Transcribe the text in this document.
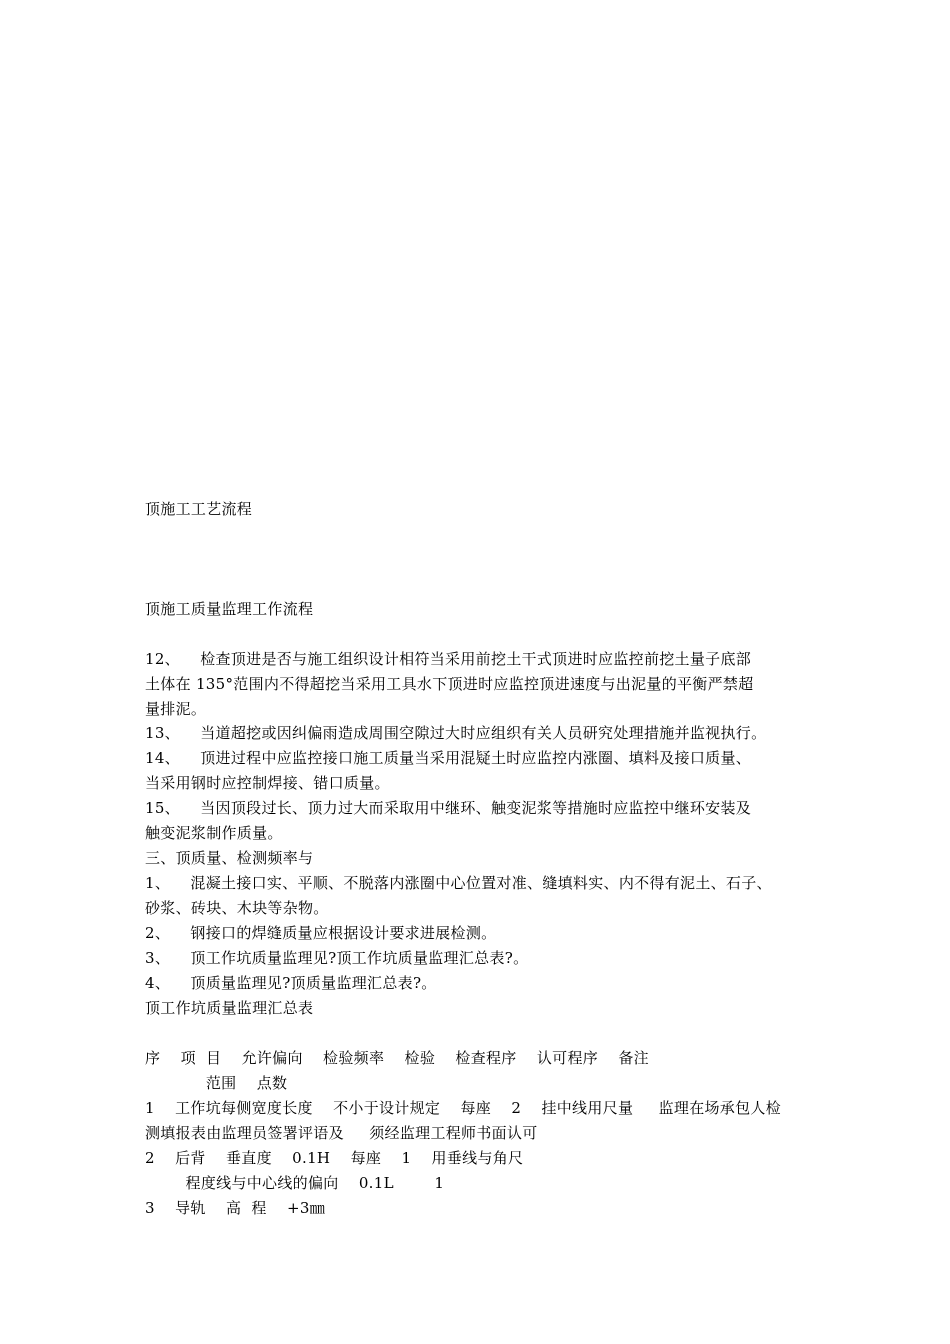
顶施工工艺流程
顶施工质量监理工作流程
12、    检查顶进是否与施工组织设计相符当采用前挖土干式顶进时应监控前挖土量子底部
土体在 135°范围内不得超挖当采用工具水下顶进时应监控顶进速度与出泥量的平衡严禁超
量排泥。
13、    当道超挖或因纠偏雨造成周围空隙过大时应组织有关人员研究处理措施并监视执行。
14、    顶进过程中应监控接口施工质量当采用混疑土时应监控内涨圈、填料及接口质量、
当采用钢时应控制焊接、错口质量。
15、    当因顶段过长、顶力过大而采取用中继环、触变泥浆等措施时应监控中继环安装及
触变泥浆制作质量。
三、顶质量、检测频率与
1、    混凝土接口实、平顺、不脱落内涨圈中心位置对准、缝填料实、内不得有泥土、石子、
砂浆、砖块、木块等杂物。
2、    钢接口的焊缝质量应根据设计要求进展检测。
3、    顶工作坑质量监理见?顶工作坑质量监理汇总表?。
4、    顶质量监理见?顶质量监理汇总表?。
顶工作坑质量监理汇总表
序    项  目    允许偏向    检验频率    检验    检查程序    认可程序    备注
范围    点数
1    工作坑每侧宽度长度    不小于设计规定    每座    2    挂中线用尺量     监理在场承包人检
测填报表由监理员签署评语及     须经监理工程师书面认可
2    后背    垂直度    0.1H    每座    1    用垂线与角尺
程度线与中心线的偏向    0.1L        1
3    导轨    高  程    +3㎜
